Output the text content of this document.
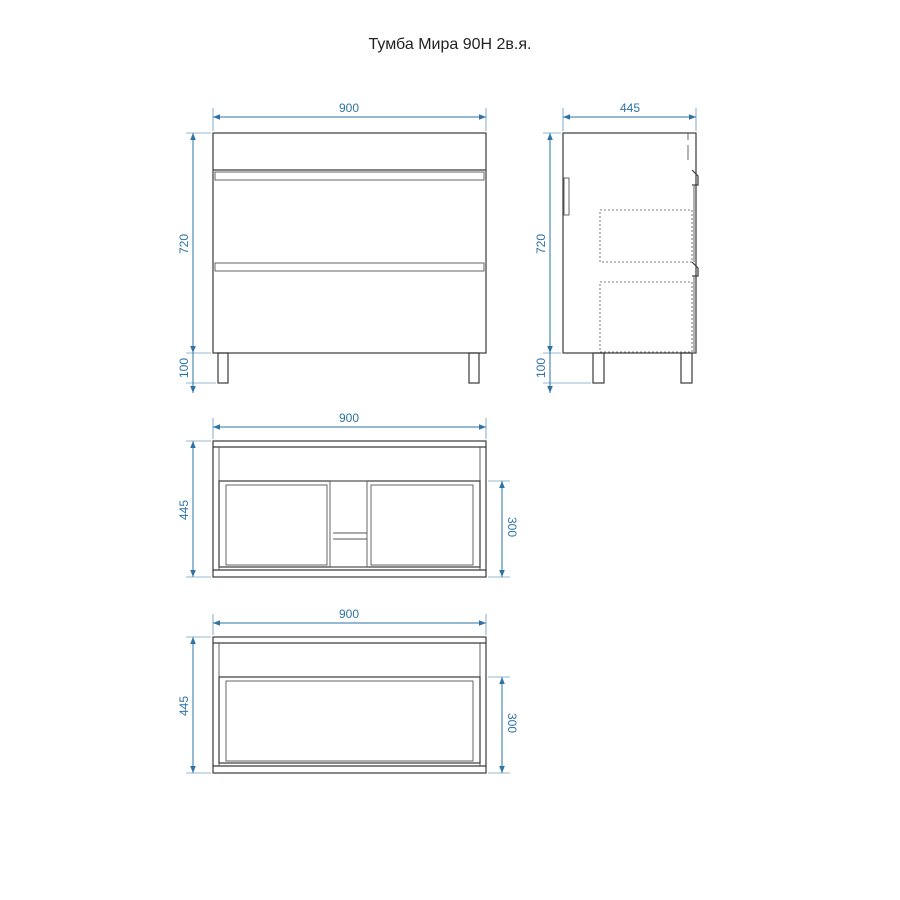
Тумба Мира 90Н 2в.я.
900
720
100
445
720
100
900
445
300
900
445
300
